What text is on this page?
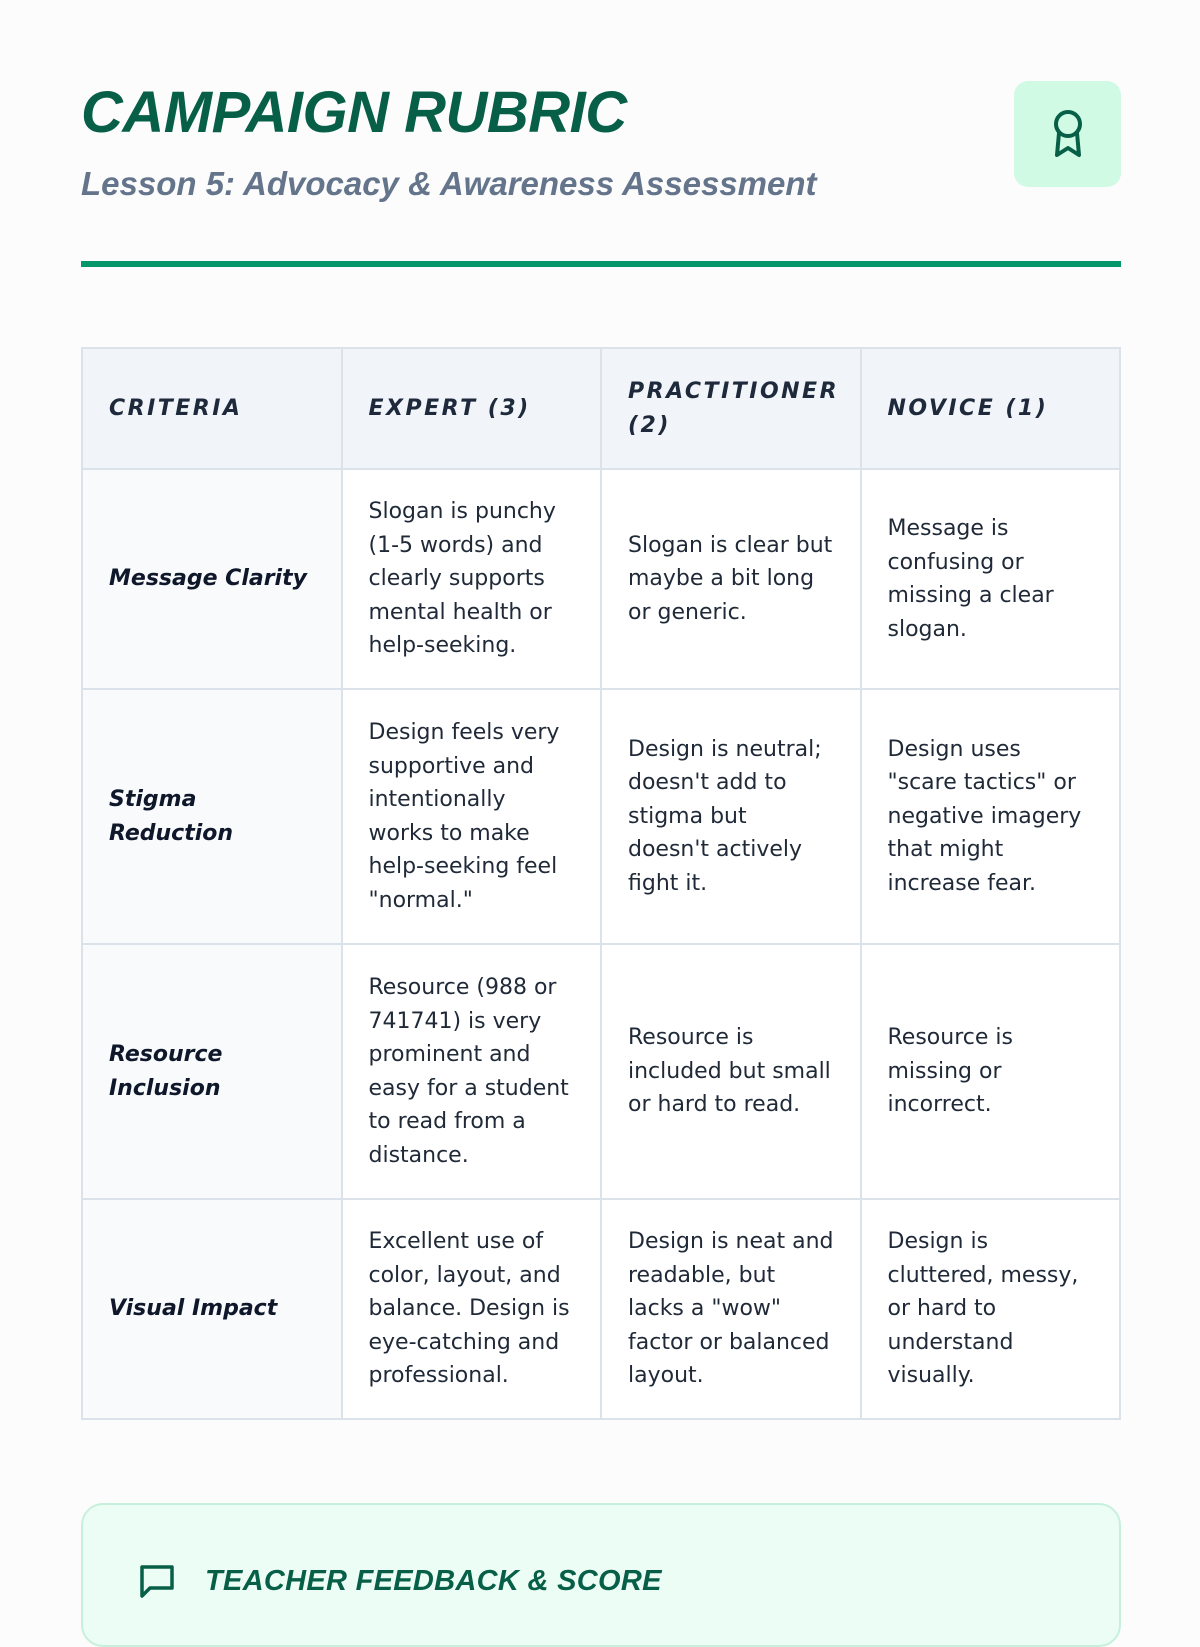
CAMPAIGN RUBRIC
Lesson 5: Advocacy & Awareness Assessment
CRITERIA	EXPERT (3)	PRACTITIONER (2)	NOVICE (1)
Message Clarity	Slogan is punchy (1-5 words) and clearly supports mental health or help-seeking.	Slogan is clear but maybe a bit long or generic.	Message is confusing or missing a clear slogan.
Stigma Reduction	Design feels very supportive and intentionally works to make help-seeking feel "normal."	Design is neutral; doesn't add to stigma but doesn't actively fight it.	Design uses "scare tactics" or negative imagery that might increase fear.
Resource Inclusion	Resource (988 or 741741) is very prominent and easy for a student to read from a distance.	Resource is included but small or hard to read.	Resource is missing or incorrect.
Visual Impact	Excellent use of color, layout, and balance. Design is eye-catching and professional.	Design is neat and readable, but lacks a "wow" factor or balanced layout.	Design is cluttered, messy, or hard to understand visually.
TEACHER FEEDBACK & SCORE
